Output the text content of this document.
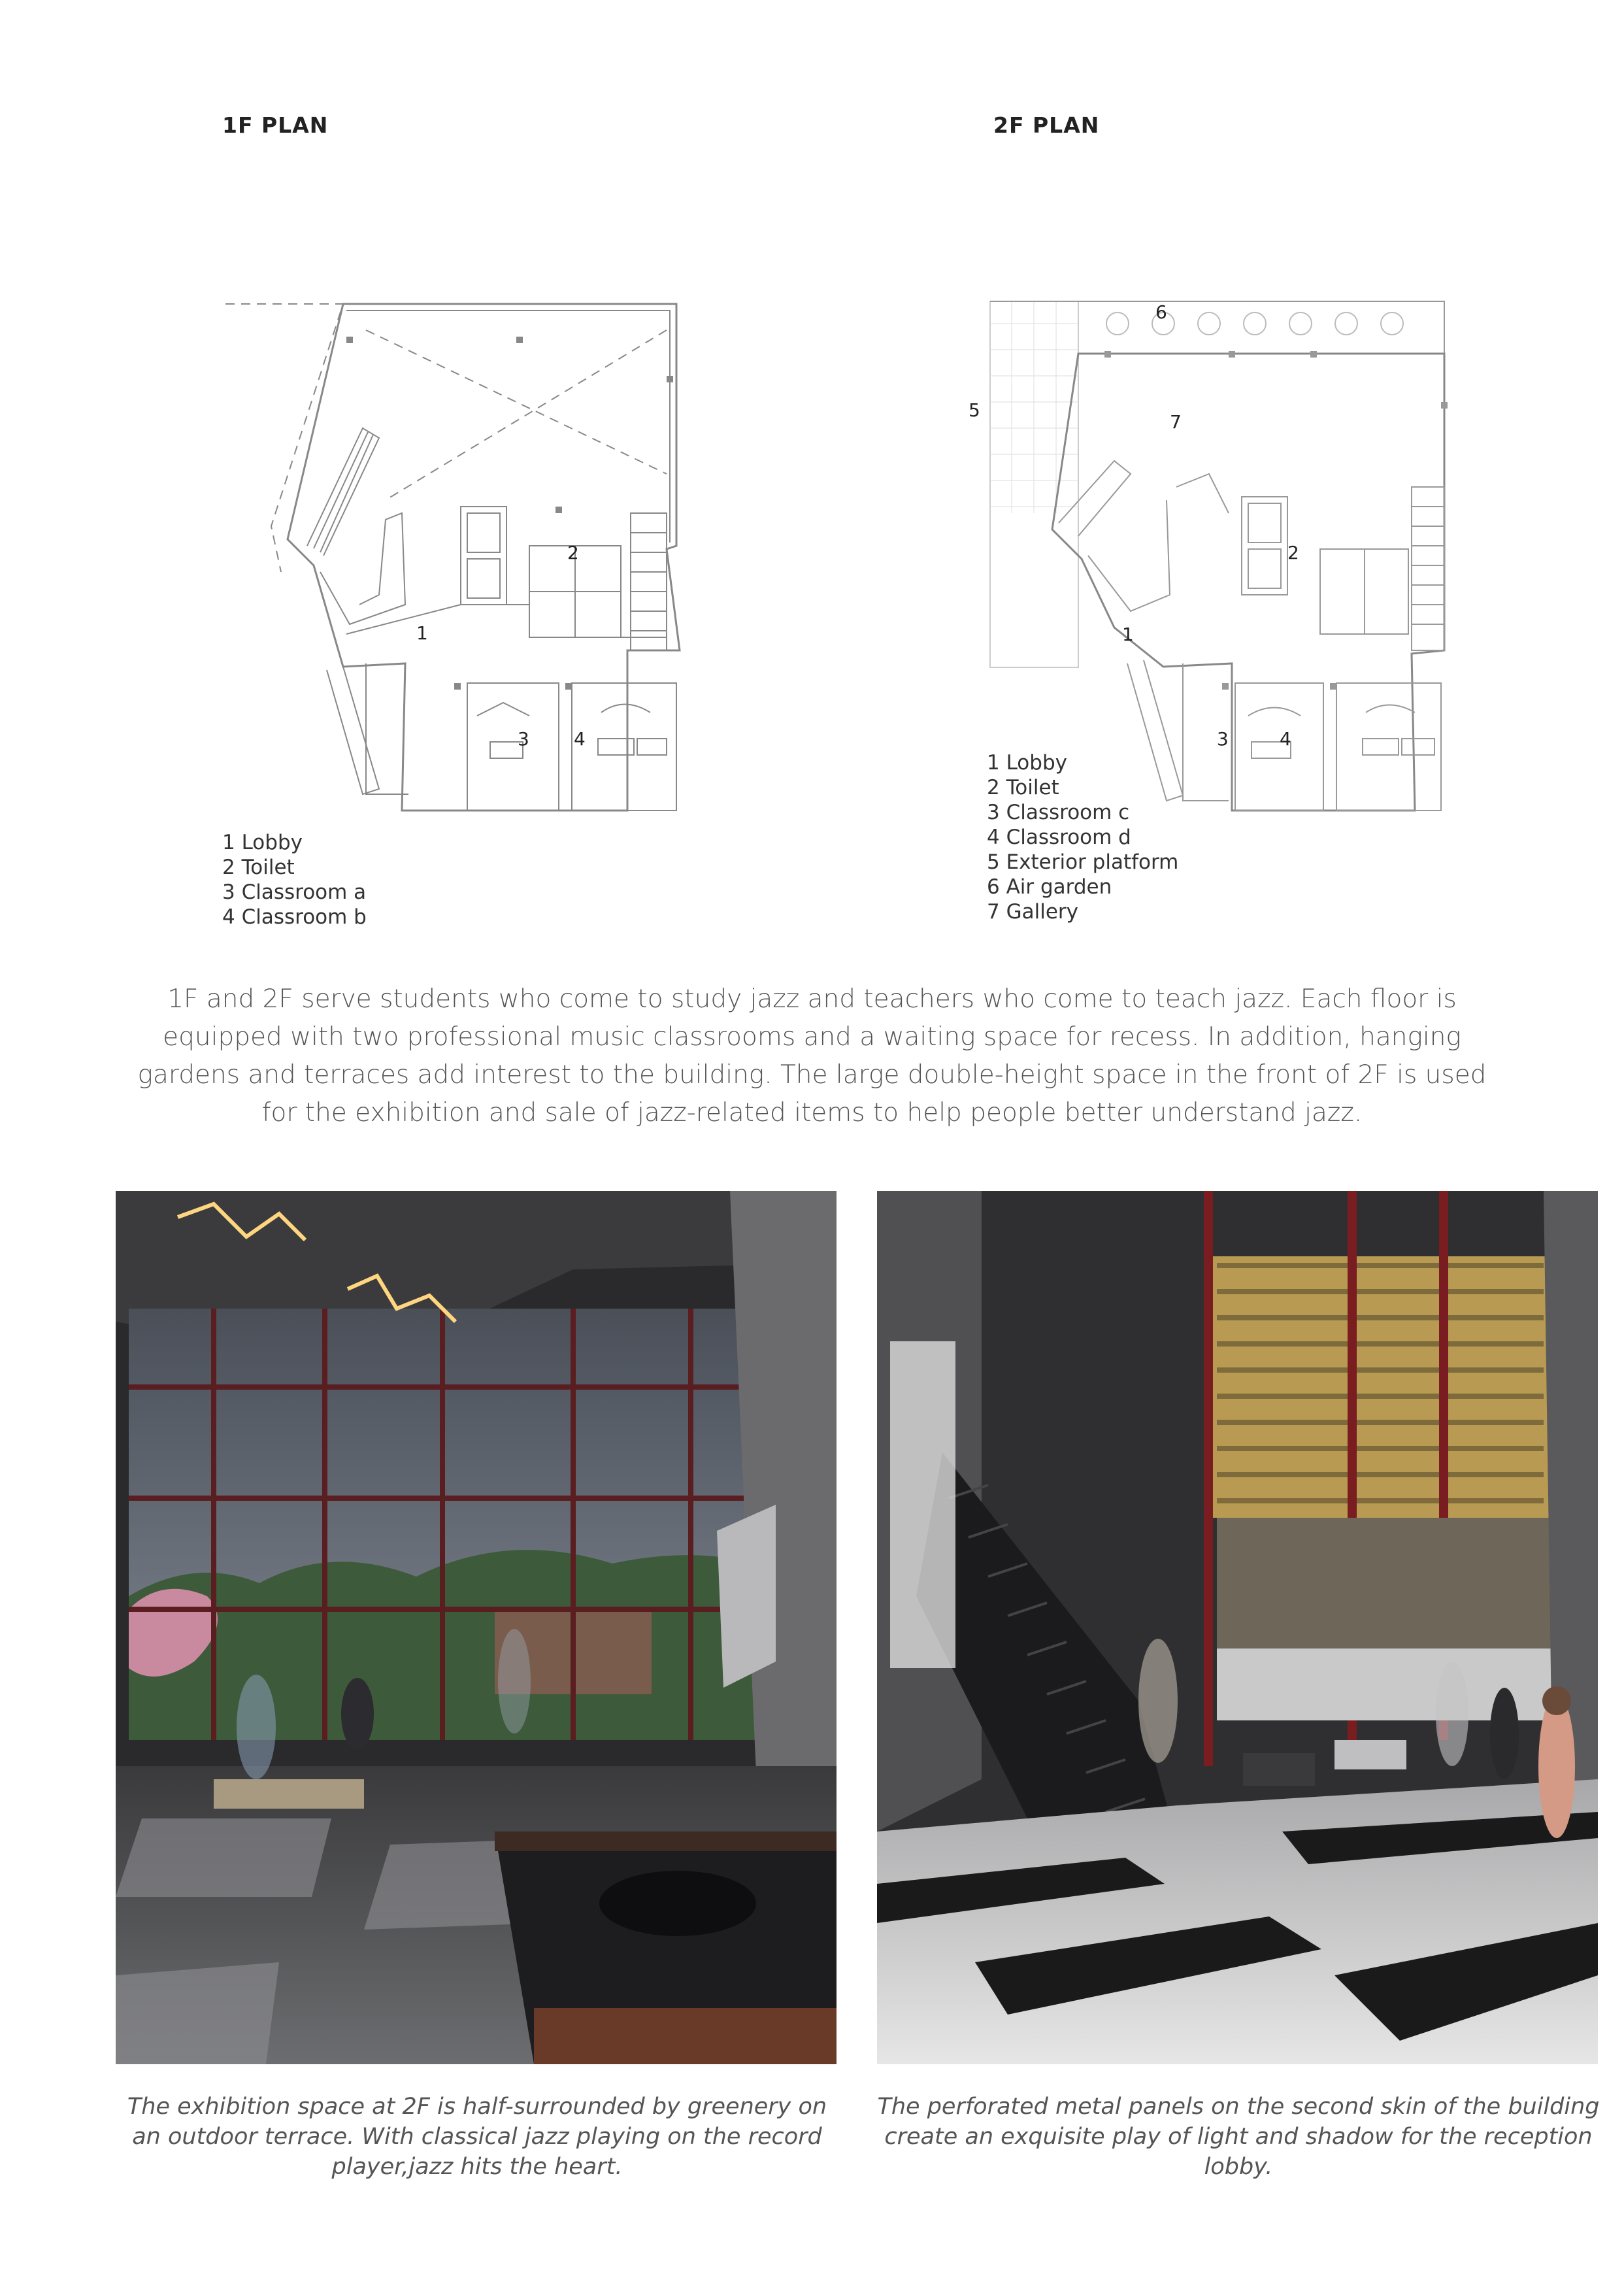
1F PLAN
1
2
3 4
1 Lobby
2 Toilet
3 Classroom a
4 Classroom b
2F PLAN
6
5
7
2
1
3	4
1 Lobby
2 Toilet
3 Classroom c
4 Classroom d
5 Exterior platform
6 Air garden
7 Gallery
1F and 2F serve students who come to study jazz and teachers who come to teach jazz. Each floor is equipped with two professional music classrooms and a waiting space for recess. In addition, hanging gardens and terraces add interest to the building. The large double-height space in the front of 2F is used for the exhibition and sale of jazz-related items to help people better understand jazz.
The exhibition space at 2F is half-surrounded by greenery on an outdoor terrace. With classical jazz playing on the record player,jazz hits the heart.
The perforated metal panels on the second skin of the building create an exquisite play of light and shadow for the reception lobby.
